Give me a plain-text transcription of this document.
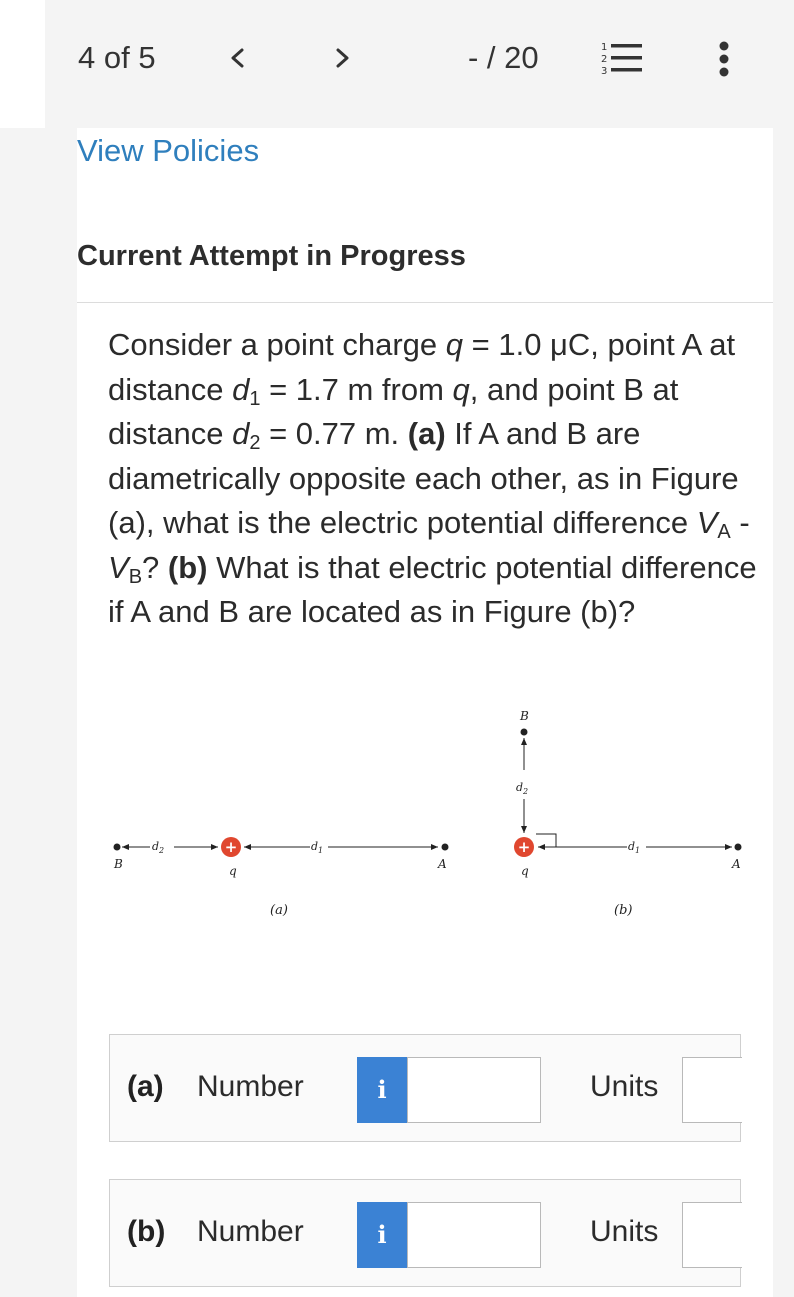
4 of 5	- / 20	1
2
3
View Policies
Current Attempt in Progress
Consider a point charge q = 1.0 μC, point A at distance $d_1 = 1.7$ m from q, and point B at distance $d_2 = 0.77$ m. (a) If A and B are diametrically opposite each other, as in Figure (a), what is the electric potential difference $V_A - V_B$? (b) What is that electric potential difference if A and B are located as in Figure (b)?
$d_2$	+	$d_1$
B	q	A
(a)
B
$d_2$
+	$d_1$
q	A
(b)
(a) Number	i	Units
(b) Number	i	Units
